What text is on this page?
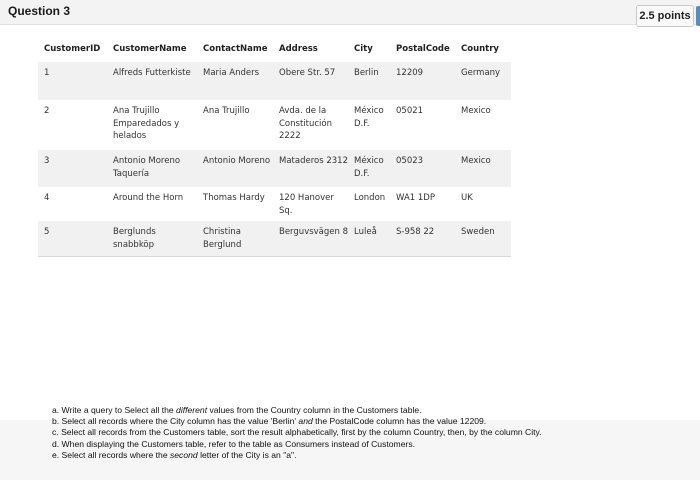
Question 3	2.5 points
CustomerID	CustomerName	ContactName	Address	City	PostalCode	Country
1	Alfreds Futterkiste	Maria Anders	Obere Str. 57	Berlin	12209	Germany
2	Ana Trujillo Emparedados y helados	Ana Trujillo	Avda. de la Constitución 2222	México D.F.	05021	Mexico
3	Antonio Moreno Taquería	Antonio Moreno	Mataderos 2312	México D.F.	05023	Mexico
4	Around the Horn	Thomas Hardy	120 Hanover Sq.	London	WA1 1DP	UK
5	Berglunds snabbköp	Christina Berglund	Berguvsvägen 8	Luleå	S-958 22	Sweden
a. Write a query to Select all the different values from the Country column in the Customers table.
b. Select all records where the City column has the value 'Berlin' and the PostalCode column has the value 12209.
c. Select all records from the Customers table, sort the result alphabetically, first by the column Country, then, by the column City.
d. When displaying the Customers table, refer to the table as Consumers instead of Customers.
e. Select all records where the second letter of the City is an "a".
